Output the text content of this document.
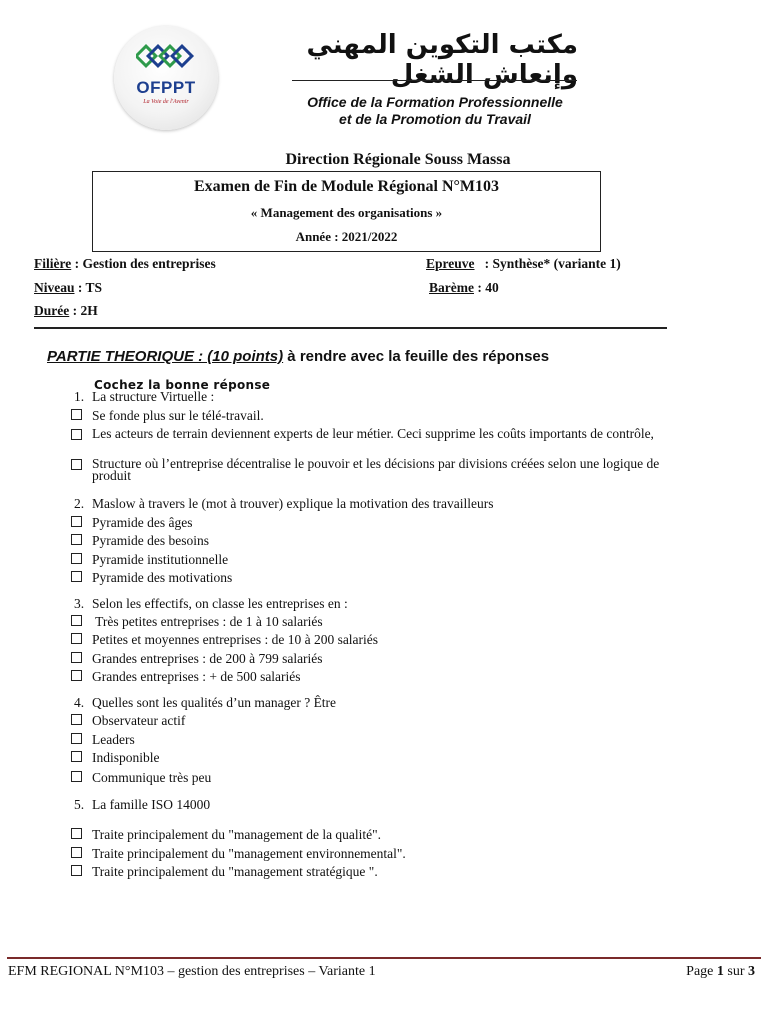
OFPPT
La Voie de l'Avenir
مكتب التكوين المهني وإنعاش الشغل
Office de la Formation Professionnelle
et de la Promotion du Travail
Direction Régionale Souss Massa
Examen de Fin de Module Régional N°M103
« Management des organisations »
Année : 2021/2022
Filière : Gestion des entreprises	Epreuve   : Synthèse* (variante 1)
Niveau : TS	Barème : 40
Durée : 2H
PARTIE THEORIQUE : (10 points) à rendre avec la feuille des réponses
Cochez la bonne réponse
1. La structure Virtuelle :
Se fonde plus sur le télé-travail.
Les acteurs de terrain deviennent experts de leur métier. Ceci supprime les coûts importants de contrôle,
Structure où l’entreprise décentralise le pouvoir et les décisions par divisions créées selon une logique de produit
2. Maslow à travers le (mot à trouver) explique la motivation des travailleurs
Pyramide des âges
Pyramide des besoins
Pyramide institutionnelle
Pyramide des motivations
3. Selon les effectifs, on classe les entreprises en :
Très petites entreprises : de 1 à 10 salariés
Petites et moyennes entreprises : de 10 à 200 salariés
Grandes entreprises : de 200 à 799 salariés
Grandes entreprises : + de 500 salariés
4. Quelles sont les qualités d’un manager ? Être
Observateur actif
Leaders
Indisponible
Communique très peu
5. La famille ISO 14000
Traite principalement du "management de la qualité".
Traite principalement du "management environnemental".
Traite principalement du "management stratégique ".
EFM REGIONAL N°M103 – gestion des entreprises – Variante 1	Page 1 sur 3
